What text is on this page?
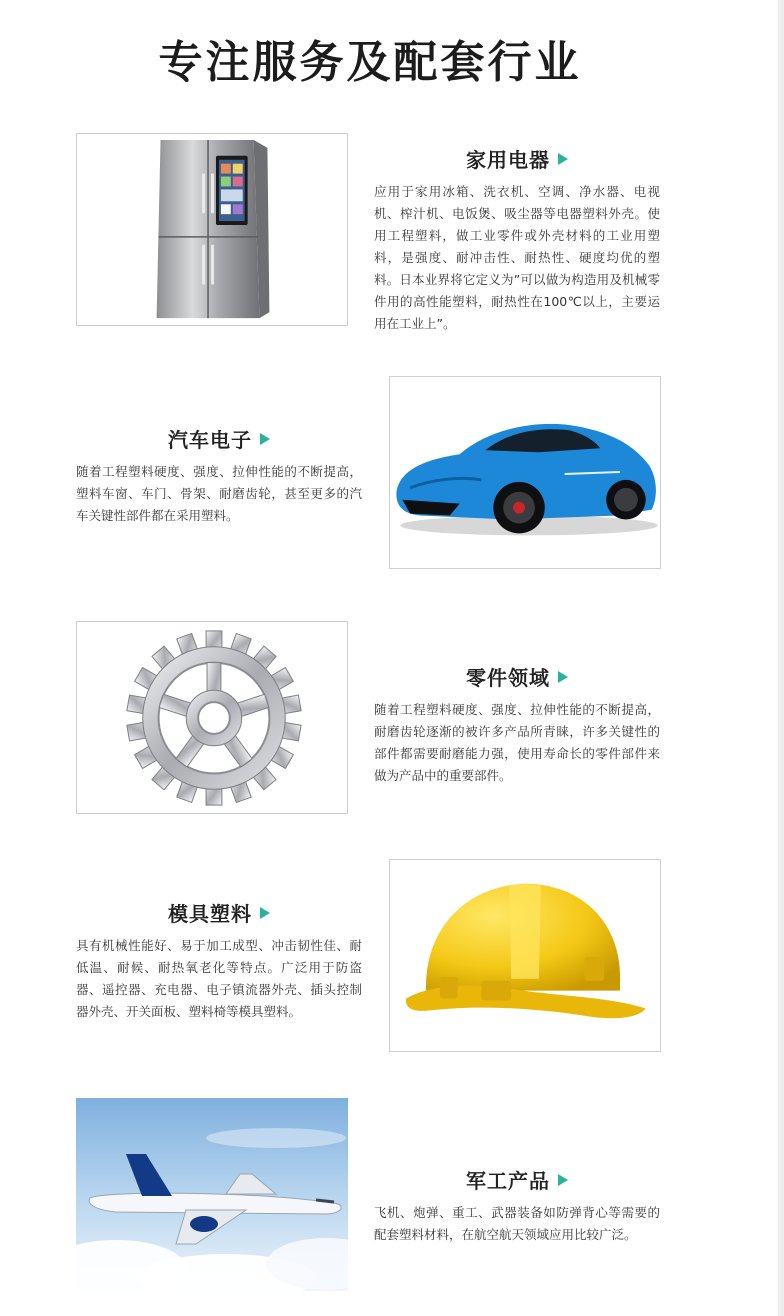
专注服务及配套行业
家用电器

应用于家用冰箱、洗衣机、空调、净水器、电视机、榨汁机、电饭煲、吸尘器等电器塑料外壳。使用工程塑料，做工业零件或外壳材料的工业用塑料，是强度、耐冲击性、耐热性、硬度均优的塑料。日本业界将它定义为”可以做为构造用及机械零件用的高性能塑料，耐热性在100℃以上，主要运用在工业上”。

汽车电子

随着工程塑料硬度、强度、拉伸性能的不断提高，塑料车窗、车门、骨架、耐磨齿轮，甚至更多的汽车关键性部件都在采用塑料。

零件领域

随着工程塑料硬度、强度、拉伸性能的不断提高，耐磨齿轮逐渐的被许多产品所青睐，许多关键性的部件都需要耐磨能力强，使用寿命长的零件部件来做为产品中的重要部件。

模具塑料

具有机械性能好、易于加工成型、冲击韧性佳、耐低温、耐候、耐热氧老化等特点。广泛用于防盗器、遥控器、充电器、电子镇流器外壳、插头控制器外壳、开关面板、塑料椅等模具塑料。

军工产品

飞机、炮弹、重工、武器装备如防弹背心等需要的配套塑料材料，在航空航天领域应用比较广泛。
